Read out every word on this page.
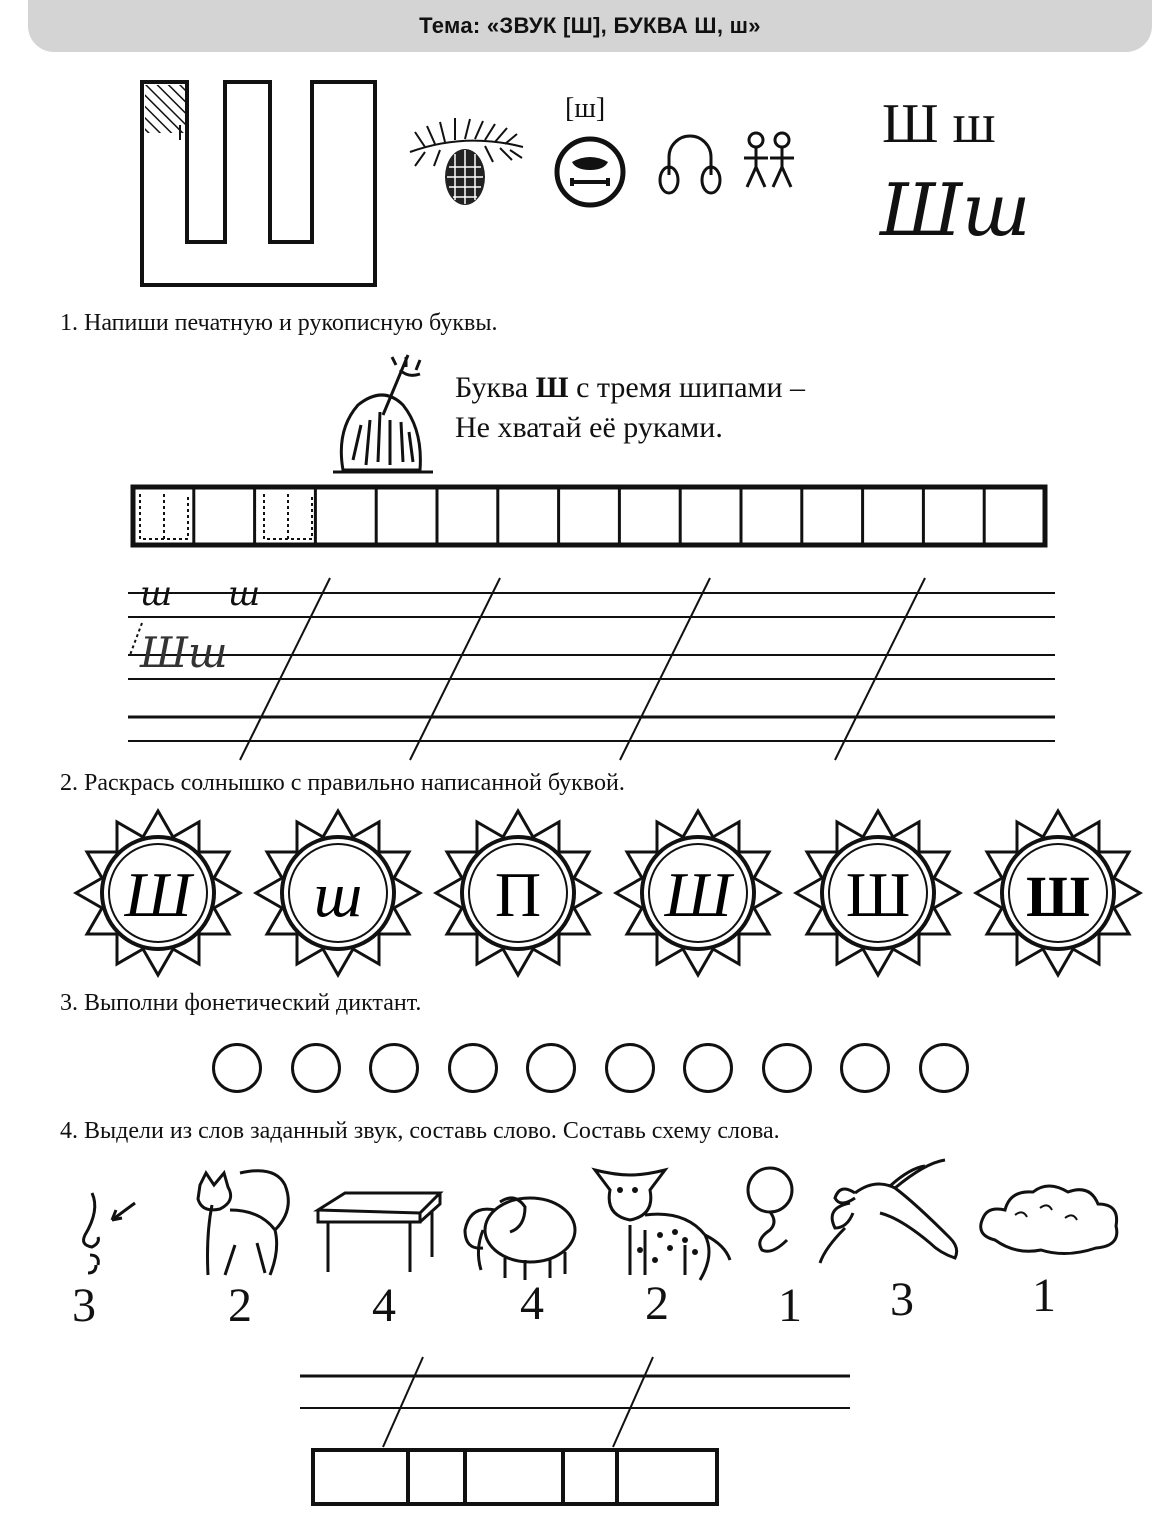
Тема: «ЗВУК [Ш], БУКВА Ш, ш»
[ш]	Ш ш
Шш
1. Напиши печатную и рукописную буквы.
Буква Ш с тремя шипами –
Не хватай её руками.
ш ш
Шш
2. Раскрась солнышко с правильно написанной буквой.
Ш ш П Ш Ш Ш
3. Выполни фонетический диктант.
4. Выдели из слов заданный звук, составь слово. Составь схему слова.
3	2	4	4 2 1 3 1
